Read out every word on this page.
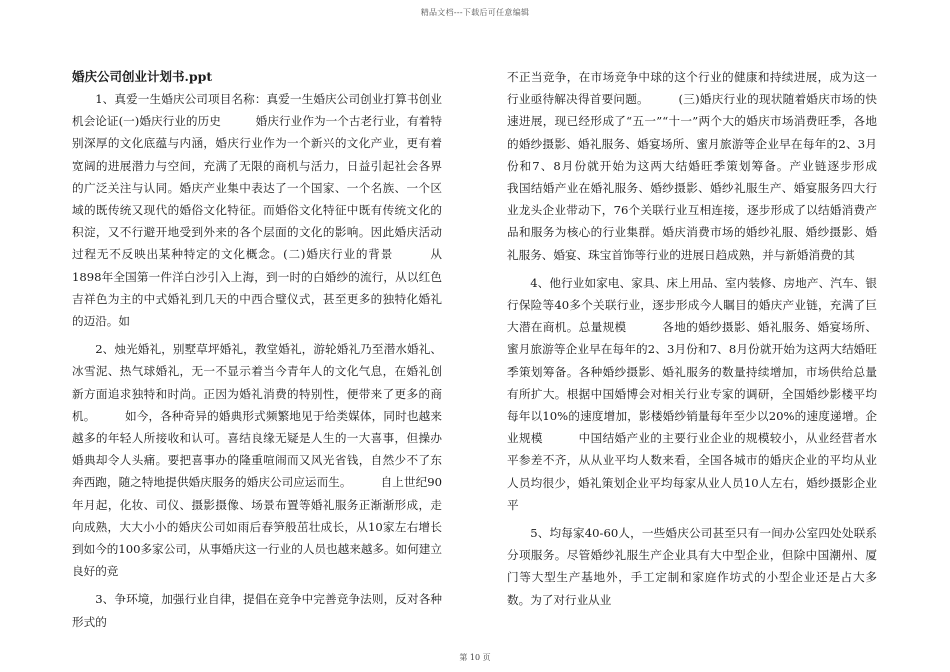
精品文档---下载后可任意编辑
婚庆公司创业计划书.ppt

1、真爱一生婚庆公司项目名称：真爱一生婚庆公司创业打算书创业机会论证(一)婚庆行业的历史　　　婚庆行业作为一个古老行业，有着特别深厚的文化底蕴与内涵，婚庆行业作为一个新兴的文化产业，更有着宽阔的进展潜力与空间，充满了无限的商机与活力，日益引起社会各界的广泛关注与认同。婚庆产业集中表达了一个国家、一个名族、一个区域的既传统又现代的婚俗文化特征。而婚俗文化特征中既有传统文化的积淀，又不行避开地受到外来的各个层面的文化的影响。因此婚庆活动过程无不反映出某种特定的文化概念。(二)婚庆行业的背景　　　从1898年全国第一件洋白沙引入上海，到一时的白婚纱的流行，从以红色吉祥色为主的中式婚礼到几天的中西合璧仪式，甚至更多的独特化婚礼的迈沿。如

2、烛光婚礼，别墅草坪婚礼，教堂婚礼，游轮婚礼乃至潜水婚礼、冰雪泥、热气球婚礼，无一不显示着当今青年人的文化气息，在婚礼创新方面追求独特和时尚。正因为婚礼消费的特别性，便带来了更多的商机。　　　如今，各种奇异的婚典形式频繁地见于给类媒体，同时也越来越多的年轻人所接收和认可。喜结良缘无疑是人生的一大喜事，但操办婚典却令人头痛。要把喜事办的隆重喧闹而又风光省钱，自然少不了东奔西跑，随之特地提供婚庆服务的婚庆公司应运而生。　　　自上世纪90年月起，化妆、司仪、摄影摄像、场景布置等婚礼服务正渐渐形成，走向成熟，大大小小的婚庆公司如雨后春笋般茁壮成长，从10家左右增长到如今的100多家公司，从事婚庆这一行业的人员也越来越多。如何建立良好的竞

3、争环境，加强行业自律，提倡在竞争中完善竞争法则，反对各种形式的

不正当竞争，在市场竞争中球的这个行业的健康和持续进展，成为这一行业亟待解决得首要问题。　　　(三)婚庆行业的现状随着婚庆市场的快速进展，现已经形成了“五一”“十一”两个大的婚庆市场消费旺季，各地的婚纱摄影、婚礼服务、婚宴场所、蜜月旅游等企业早在每年的2、3月份和7、8月份就开始为这两大结婚旺季策划筹备。产业链逐步形成　　　我国结婚产业在婚礼服务、婚纱摄影、婚纱礼服生产、婚宴服务四大行业龙头企业带动下，76个关联行业互相连接，逐步形成了以结婚消费产品和服务为核心的行业集群。婚庆消费市场的婚纱礼服、婚纱摄影、婚礼服务、婚宴、珠宝首饰等行业的进展日趋成熟，并与新婚消费的其

4、他行业如家电、家具、床上用品、室内装修、房地产、汽车、银行保险等40多个关联行业，逐步形成今人瞩目的婚庆产业链，充满了巨大潜在商机。总量规模　　　各地的婚纱摄影、婚礼服务、婚宴场所、蜜月旅游等企业早在每年的2、3月份和7、8月份就开始为这两大结婚旺季策划筹备。各种婚纱摄影、婚礼服务的数量持续增加，市场供给总量有所扩大。根据中国婚博会对相关行业专家的调研，全国婚纱影楼平均每年以10%的速度增加，影楼婚纱销量每年至少以20%的速度递增。企业规模　　　中国结婚产业的主要行业企业的规模较小，从业经营者水平参差不齐，从从业平均人数来看，全国各城市的婚庆企业的平均从业人员均很少，婚礼策划企业平均每家从业人员10人左右，婚纱摄影企业平

5、均每家40-60人，一些婚庆公司甚至只有一间办公室四处处联系分项服务。尽管婚纱礼服生产企业具有大中型企业，但除中国潮州、厦门等大型生产基地外，手工定制和家庭作坊式的小型企业还是占大多数。为了对行业从业

第 10 页
